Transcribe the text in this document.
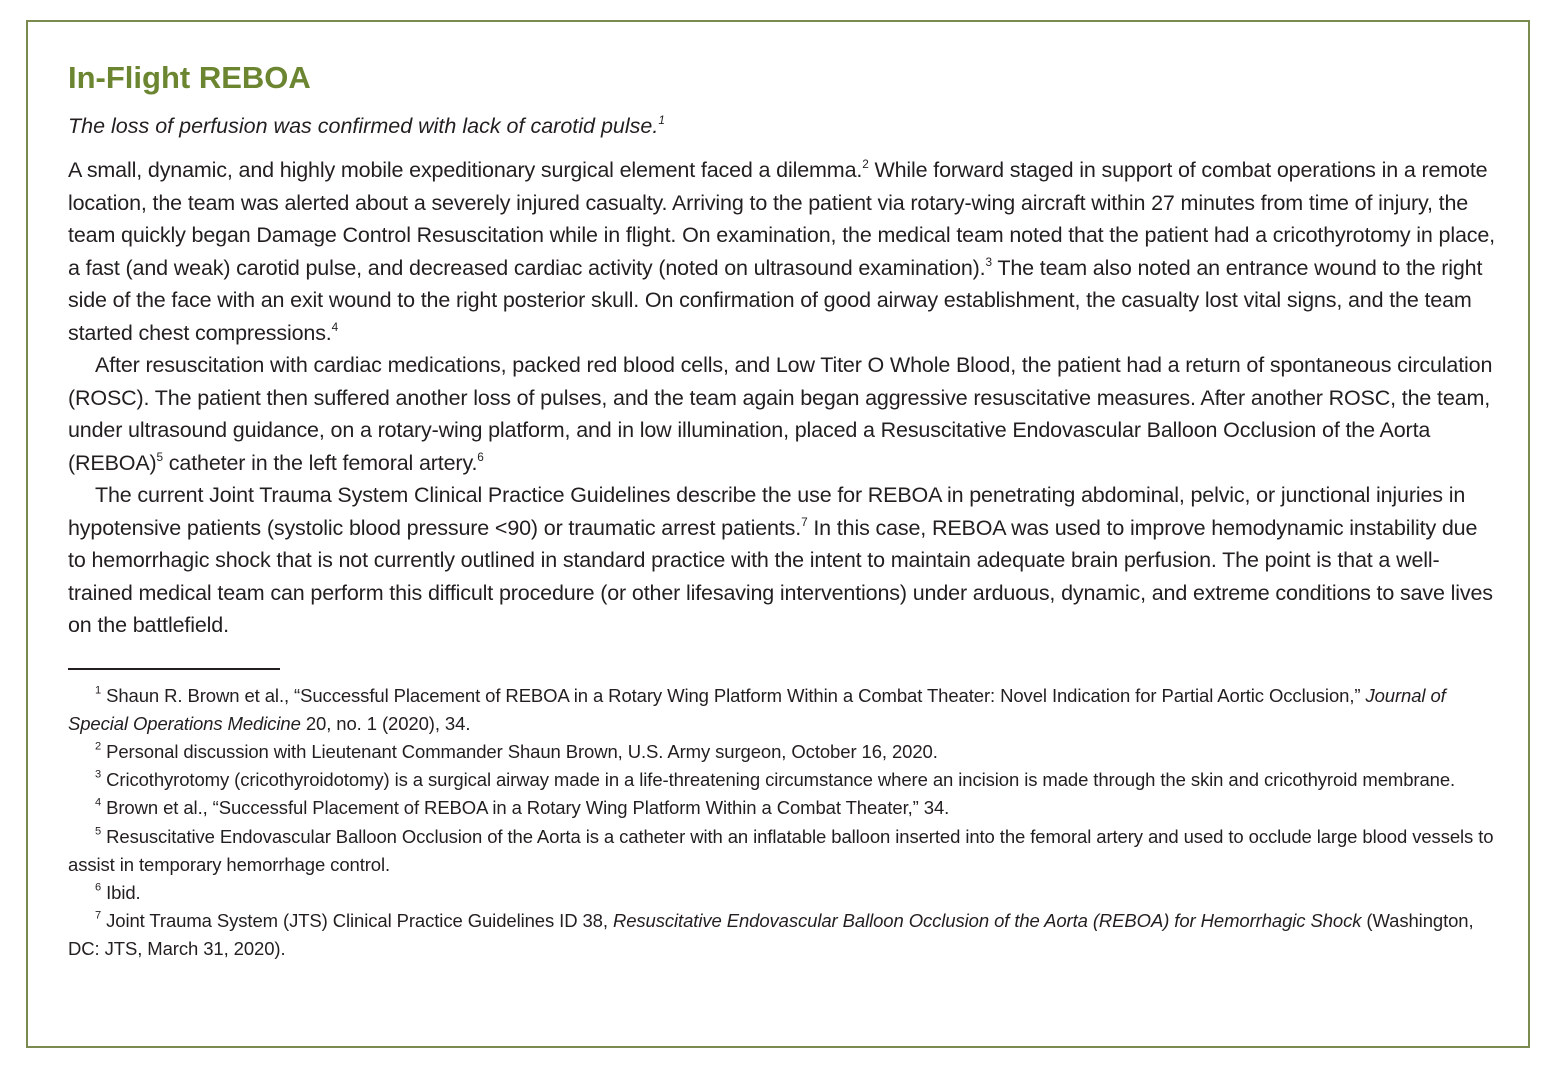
In-Flight REBOA

The loss of perfusion was confirmed with lack of carotid pulse.$^1$

A small, dynamic, and highly mobile expeditionary surgical element faced a dilemma.$^2$ While forward staged in support of combat operations in a remote location, the team was alerted about a severely injured casualty. Arriving to the patient via rotary-wing aircraft within 27 minutes from time of injury, the team quickly began Damage Control Resuscitation while in flight. On examination, the medical team noted that the patient had a cricothyrotomy in place, a fast (and weak) carotid pulse, and decreased cardiac activity (noted on ultrasound examination).$^3$ The team also noted an entrance wound to the right side of the face with an exit wound to the right posterior skull. On confirmation of good airway establishment, the casualty lost vital signs, and the team started chest compressions.$^4$

After resuscitation with cardiac medications, packed red blood cells, and Low Titer O Whole Blood, the patient had a return of spontaneous circulation (ROSC). The patient then suffered another loss of pulses, and the team again began aggressive resuscitative measures. After another ROSC, the team, under ultrasound guidance, on a rotary-wing platform, and in low illumination, placed a Resuscitative Endovascular Balloon Occlusion of the Aorta (REBOA)$^5$ catheter in the left femoral artery.$^6$

The current Joint Trauma System Clinical Practice Guidelines describe the use for REBOA in penetrating abdominal, pelvic, or junctional injuries in hypotensive patients (systolic blood pressure <90) or traumatic arrest patients.$^7$ In this case, REBOA was used to improve hemodynamic instability due to hemorrhagic shock that is not currently outlined in standard practice with the intent to maintain adequate brain perfusion. The point is that a well-trained medical team can perform this difficult procedure (or other lifesaving interventions) under arduous, dynamic, and extreme conditions to save lives on the battlefield.

$^1$ Shaun R. Brown et al., “Successful Placement of REBOA in a Rotary Wing Platform Within a Combat Theater: Novel Indication for Partial Aortic Occlusion,” Journal of Special Operations Medicine 20, no. 1 (2020), 34.

$^2$ Personal discussion with Lieutenant Commander Shaun Brown, U.S. Army surgeon, October 16, 2020.

$^3$ Cricothyrotomy (cricothyroidotomy) is a surgical airway made in a life-threatening circumstance where an incision is made through the skin and cricothyroid membrane.

$^4$ Brown et al., “Successful Placement of REBOA in a Rotary Wing Platform Within a Combat Theater,” 34.

$^5$ Resuscitative Endovascular Balloon Occlusion of the Aorta is a catheter with an inflatable balloon inserted into the femoral artery and used to occlude large blood vessels to assist in temporary hemorrhage control.

$^6$ Ibid.

$^7$ Joint Trauma System (JTS) Clinical Practice Guidelines ID 38, Resuscitative Endovascular Balloon Occlusion of the Aorta (REBOA) for Hemorrhagic Shock (Washington, DC: JTS, March 31, 2020).
